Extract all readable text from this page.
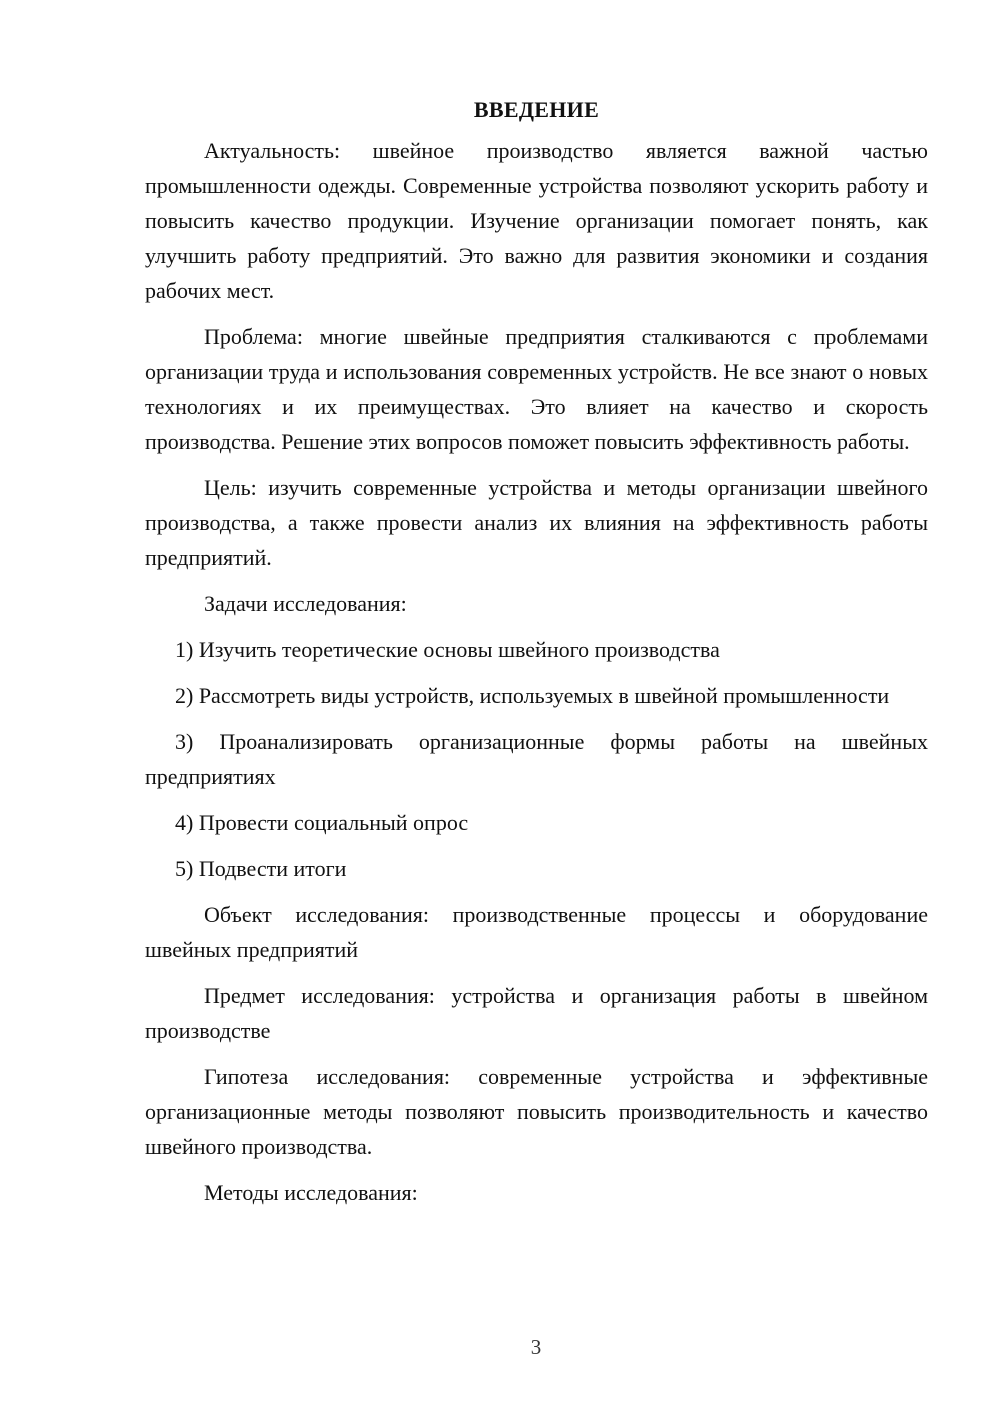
ВВЕДЕНИЕ

Актуальность: швейное производство является важной частью промышленности одежды. Современные устройства позволяют ускорить работу и повысить качество продукции. Изучение организации помогает понять, как улучшить работу предприятий. Это важно для развития экономики и создания рабочих мест.

Проблема: многие швейные предприятия сталкиваются с проблемами организации труда и использования современных устройств. Не все знают о новых технологиях и их преимуществах. Это влияет на качество и скорость производства. Решение этих вопросов поможет повысить эффективность работы.

Цель: изучить современные устройства и методы организации швейного производства, а также провести анализ их влияния на эффективность работы предприятий.

Задачи исследования:

1) Изучить теоретические основы швейного производства

2) Рассмотреть виды устройств, используемых в швейной промышленности

3) Проанализировать организационные формы работы на швейных предприятиях

4) Провести социальный опрос

5) Подвести итоги

Объект исследования: производственные процессы и оборудование швейных предприятий

Предмет исследования: устройства и организация работы в швейном производстве

Гипотеза исследования: современные устройства и эффективные организационные методы позволяют повысить производительность и качество швейного производства.

Методы исследования:

3
